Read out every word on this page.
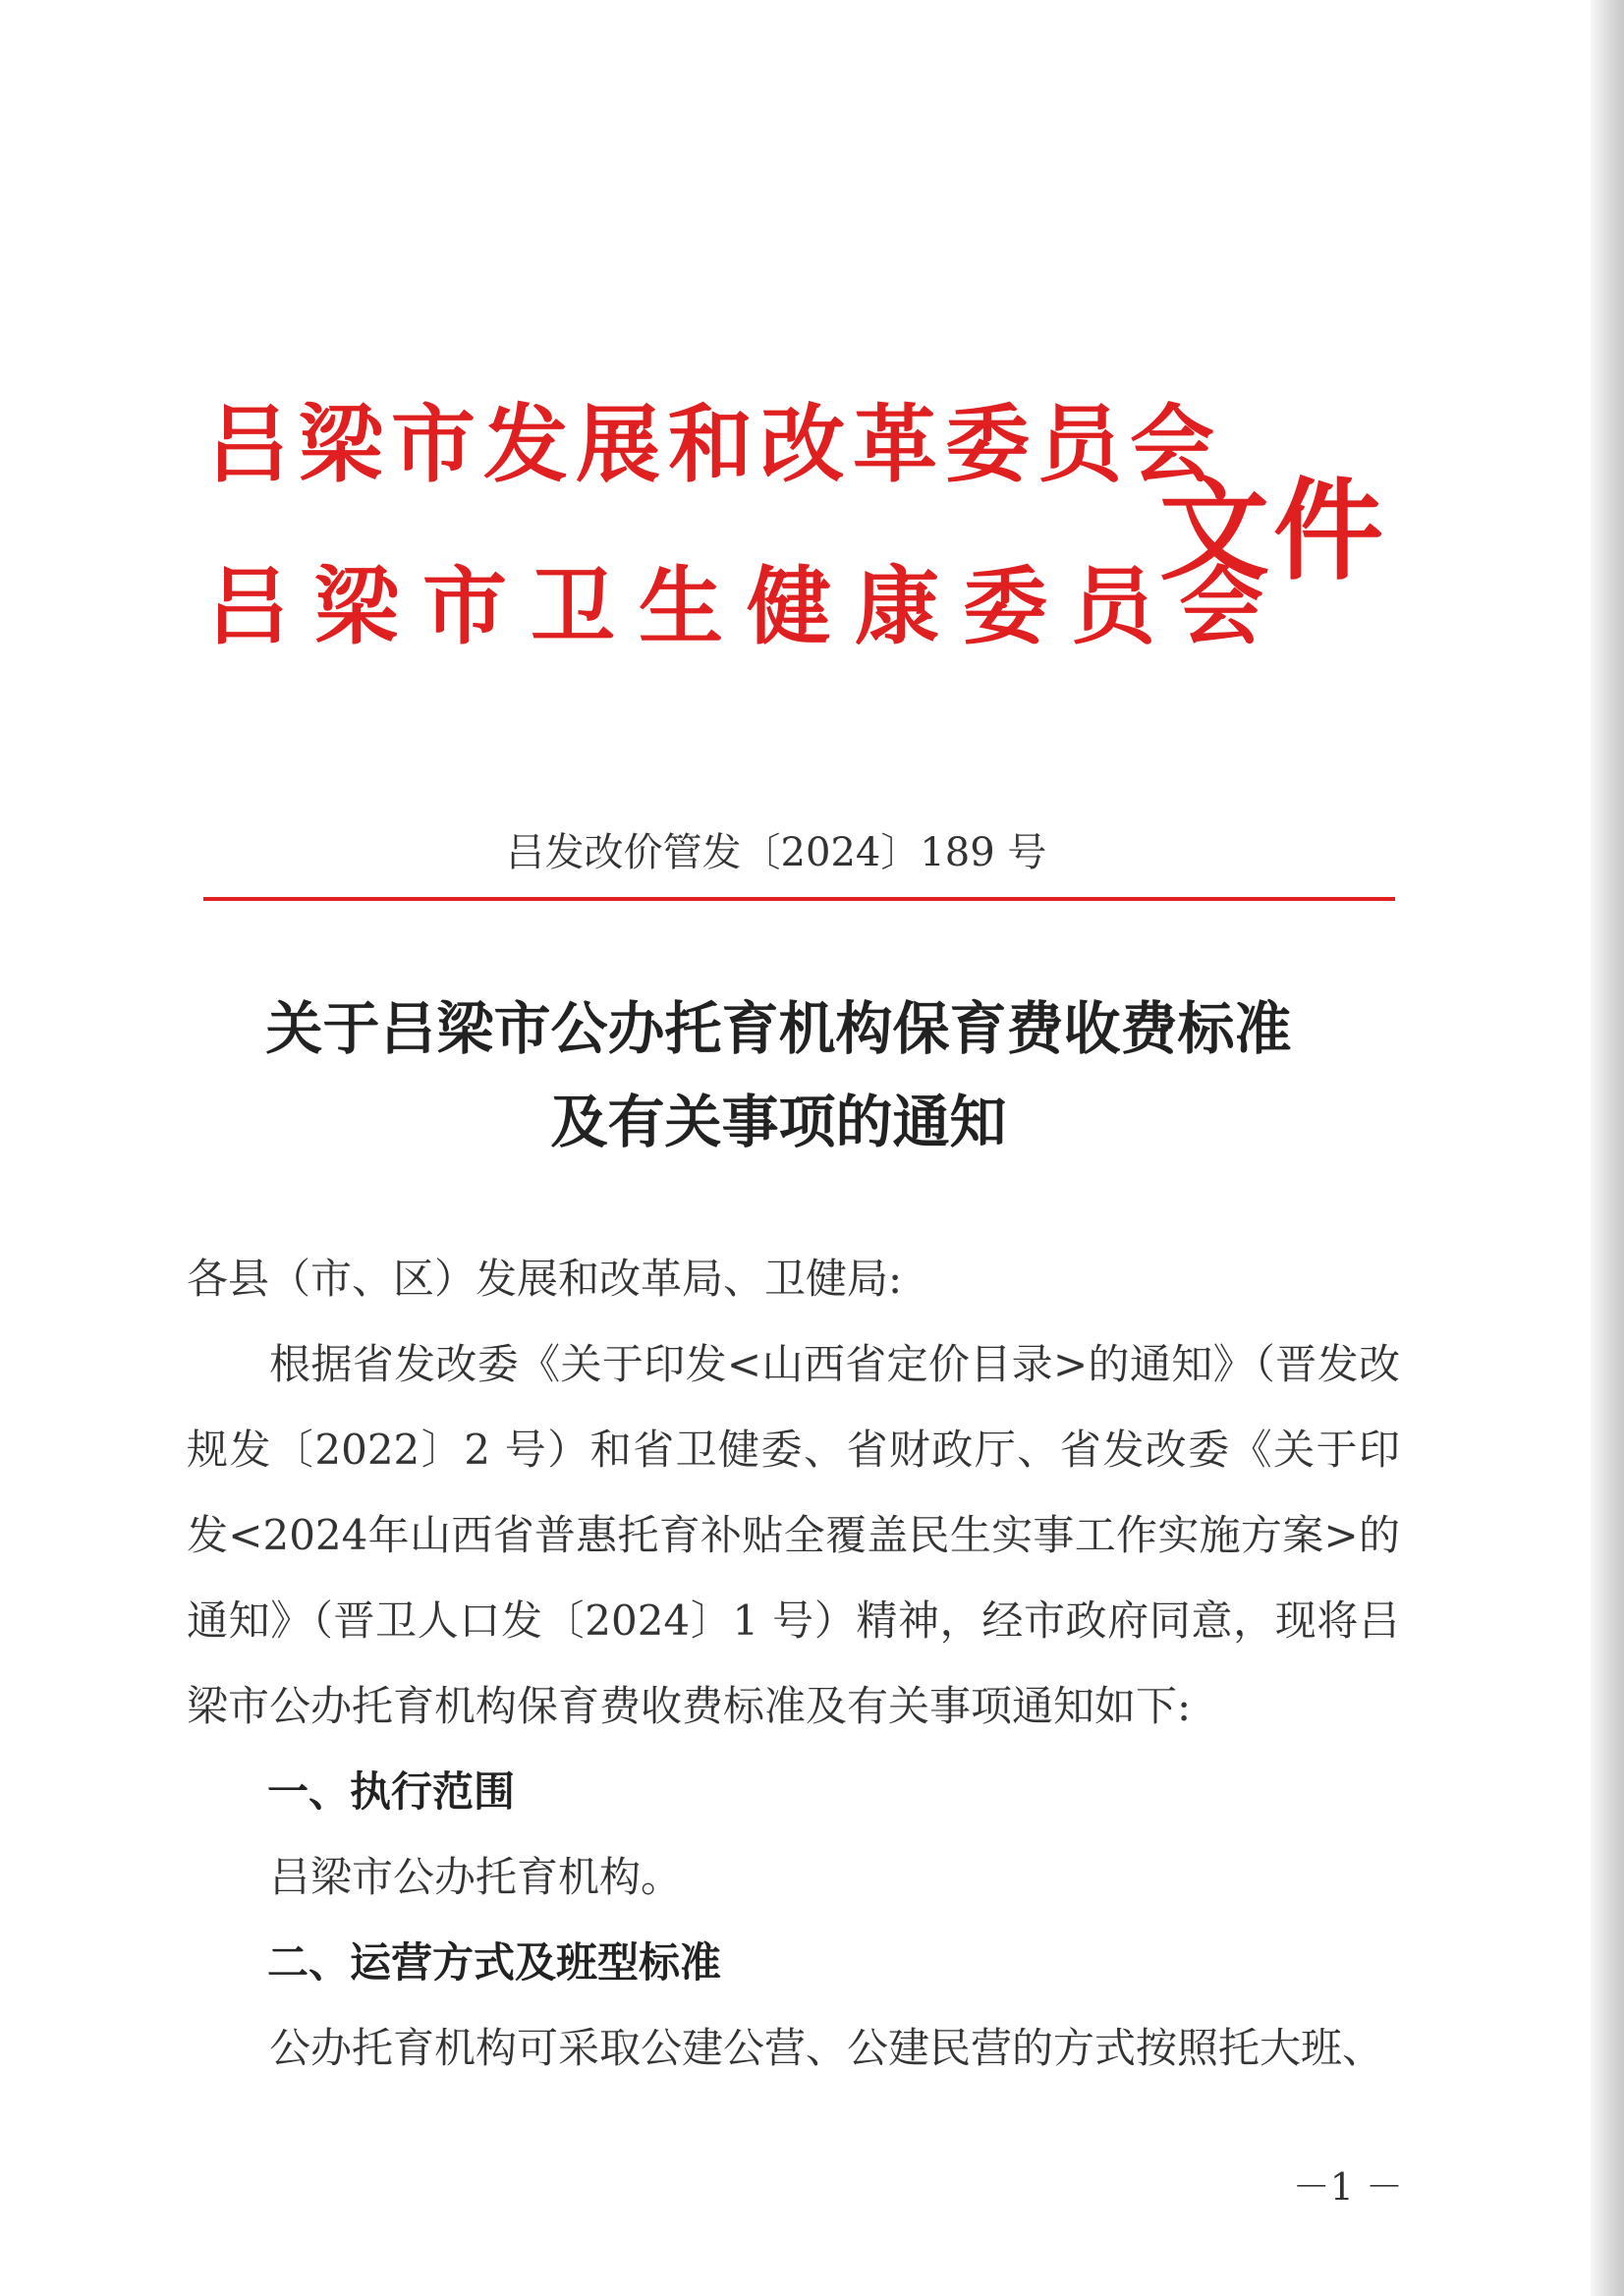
吕梁市发展和改革委员会
吕梁市卫生健康委员会
文件
吕发改价管发〔2024〕189 号
关于吕梁市公办托育机构保育费收费标准
及有关事项的通知

各县（市、区）发展和改革局、卫健局:

根据省发改委《关于印发<山西省定价目录>的通知》（晋发改规发〔2022〕2 号）和省卫健委、省财政厅、省发改委《关于印发<2024年山西省普惠托育补贴全覆盖民生实事工作实施方案>的通知》（晋卫人口发〔2024〕1 号）精神，经市政府同意，现将吕梁市公办托育机构保育费收费标准及有关事项通知如下:

一、执行范围

吕梁市公办托育机构。

二、运营方式及班型标准

公办托育机构可采取公建公营、公建民营的方式按照托大班、

－1 －
